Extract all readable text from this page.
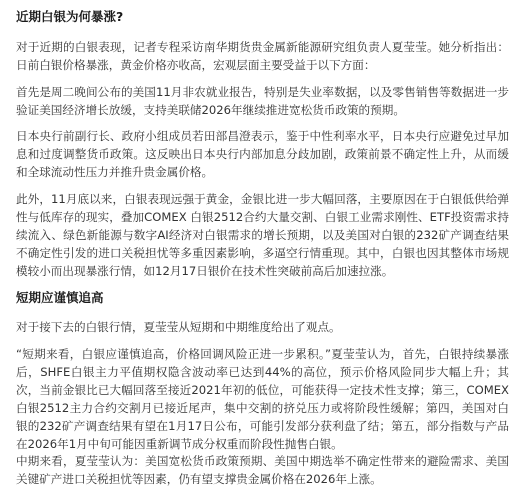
近期白银为何暴涨?

对于近期的白银表现，记者专程采访南华期货贵金属新能源研究组负责人夏莹莹。她分析指出：日前白银价格暴涨，黄金价格亦收高，宏观层面主要受益于以下方面：

首先是周二晚间公布的美国11月非农就业报告，特别是失业率数据，以及零售销售等数据进一步验证美国经济增长放缓，支持美联储2026年继续推进宽松货币政策的预期。

日本央行前副行长、政府小组成员若田部昌澄表示，鉴于中性利率水平，日本央行应避免过早加息和过度调整货币政策。这反映出日本央行内部加息分歧加剧，政策前景不确定性上升，从而缓和全球流动性压力并推升贵金属价格。

此外，11月底以来，白银表现远强于黄金，金银比进一步大幅回落，主要原因在于白银低供给弹性与低库存的现实，叠加COMEX 白银2512合约大量交割、白银工业需求刚性、ETF投资需求持续流入、绿色新能源与数字AI经济对白银需求的增长预期，以及美国对白银的232矿产调查结果不确定性引发的进口关税担忧等多重因素影响，多逼空行情重现。其中，白银也因其整体市场规模较小而出现暴涨行情，如12月17日银价在技术性突破前高后加速拉涨。

短期应谨慎追高

对于接下去的白银行情，夏莹莹从短期和中期维度给出了观点。

“短期来看，白银应谨慎追高，价格回调风险正进一步累积。”夏莹莹认为，首先，白银持续暴涨后，SHFE白银主力平值期权隐含波动率已达到44%的高位，预示价格风险同步大幅上升；其次，当前金银比已大幅回落至接近2021年初的低位，可能获得一定技术性支撑；第三，COMEX 白银2512主力合约交割月已接近尾声，集中交割的挤兑压力或将阶段性缓解；第四，美国对白银的232矿产调查结果有望在1月17日公布，可能引发部分获利盘了结；第五，部分指数与产品在2026年1月中旬可能因重新调节成分权重而阶段性抛售白银。

中期来看，夏莹莹认为：美国宽松货币政策预期、美国中期选举不确定性带来的避险需求、美国关键矿产进口关税担忧等因素，仍有望支撑贵金属价格在2026年上涨。
